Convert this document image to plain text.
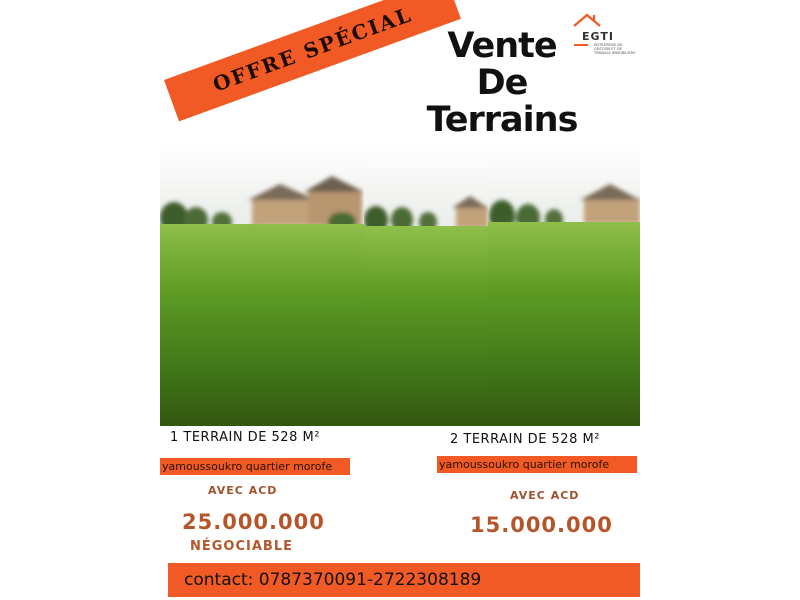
OFFRE SPÉCIAL	EGTI
ENTREPRISE DE GESTION ET DE TRAVAUX IMMOBILIERS
Vente
De
Terrains
1 TERRAIN DE 528 M²
yamoussoukro quartier morofe
AVEC ACD
25.000.000
NÉGOCIABLE
2 TERRAIN DE 528 M²
yamoussoukro quartier morofe
AVEC ACD
15.000.000
contact: 0787370091-2722308189
